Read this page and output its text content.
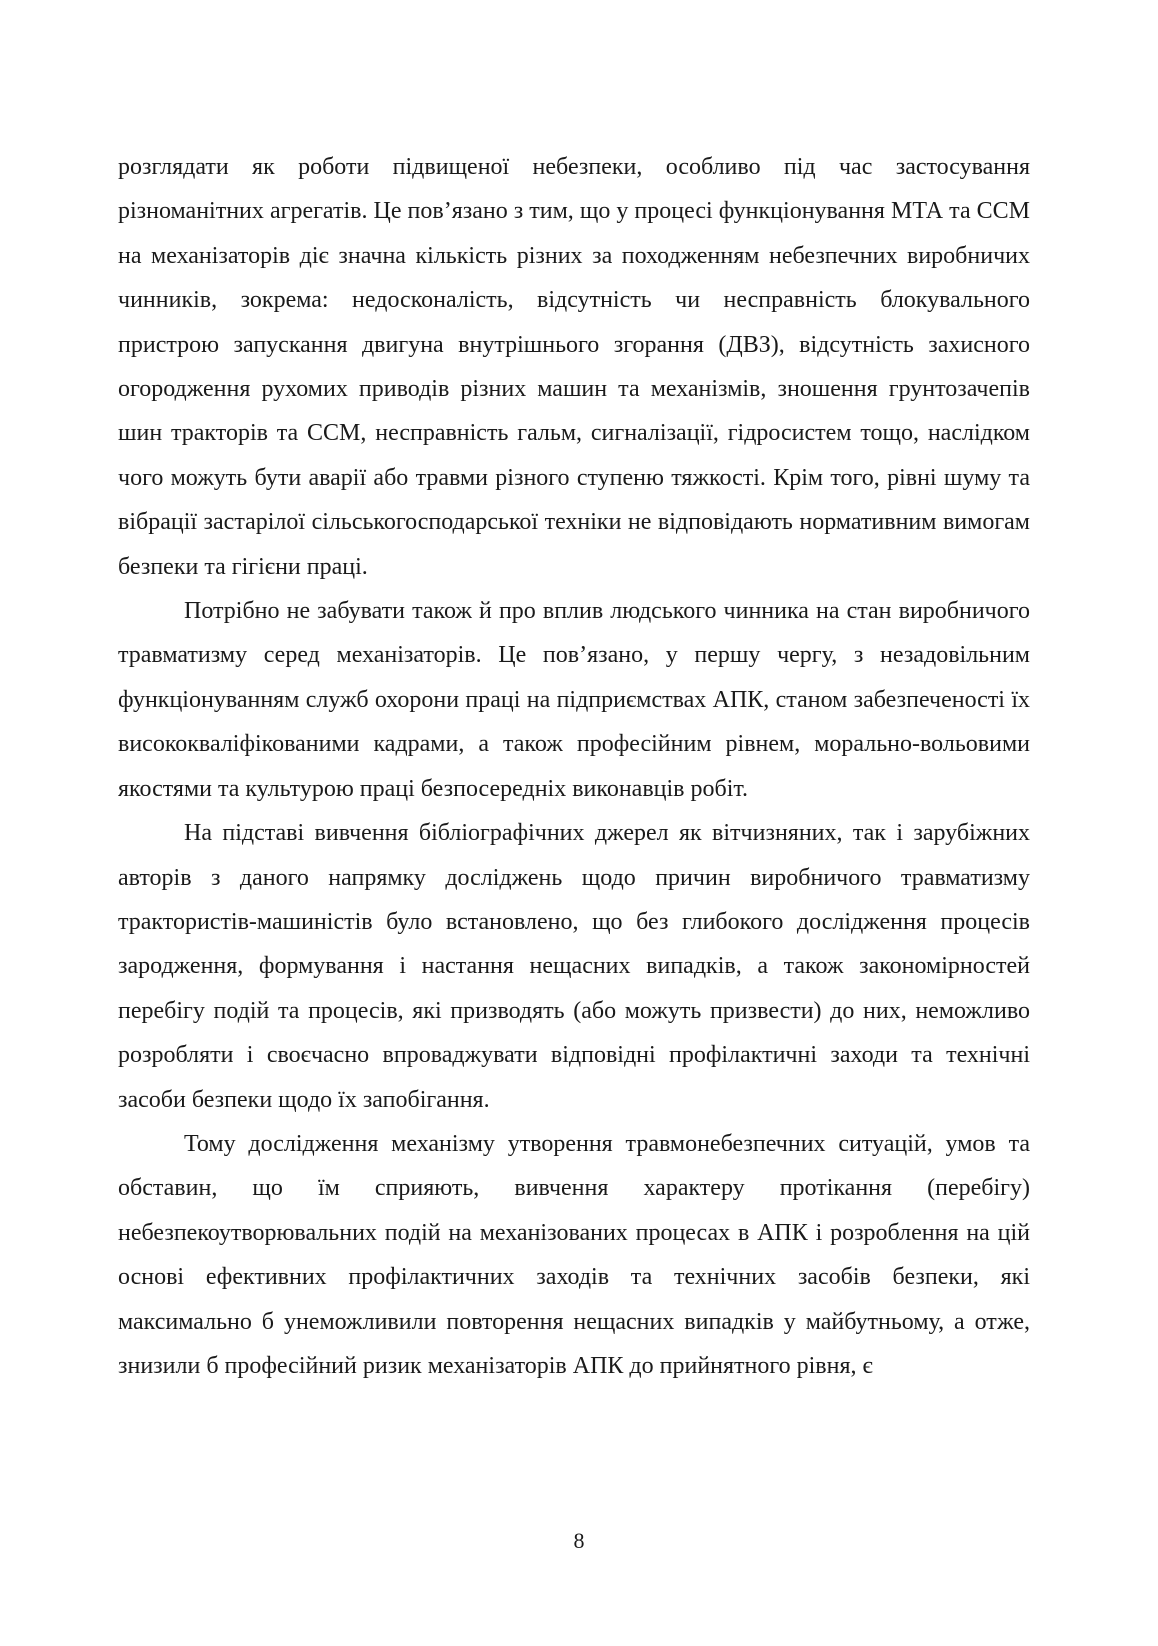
розглядати як роботи підвищеної небезпеки, особливо під час застосування різноманітних агрегатів. Це пов’язано з тим, що у процесі функціонування МТА та ССМ на механізаторів діє значна кількість різних за походженням небезпечних виробничих чинників, зокрема: недосконалість, відсутність чи несправність блокувального пристрою запускання двигуна внутрішнього згорання (ДВЗ), відсутність захисного огородження рухомих приводів різних машин та механізмів, зношення грунтозачепів шин тракторів та ССМ, несправність гальм, сигналізації, гідросистем тощо, наслідком чого можуть бути аварії або травми різного ступеню тяжкості. Крім того, рівні шуму та вібрації застарілої сільськогосподарської техніки не відповідають нормативним вимогам безпеки та гігієни праці.

Потрібно не забувати також й про вплив людського чинника на стан виробничого травматизму серед механізаторів. Це пов’язано, у першу чергу, з незадовільним функціонуванням служб охорони праці на підприємствах АПК, станом забезпеченості їх висококваліфікованими кадрами, а також професійним рівнем, морально-вольовими якостями та культурою праці безпосередніх виконавців робіт.

На підставі вивчення бібліографічних джерел як вітчизняних, так і зарубіжних авторів з даного напрямку досліджень щодо причин виробничого травматизму трактористів-машиністів було встановлено, що без глибокого дослідження процесів зародження, формування і настання нещасних випадків, а також закономірностей перебігу подій та процесів, які призводять (або можуть призвести) до них, неможливо розробляти і своєчасно впроваджувати відповідні профілактичні заходи та технічні засоби безпеки щодо їх запобігання.

Тому дослідження механізму утворення травмонебезпечних ситуацій, умов та обставин, що їм сприяють, вивчення характеру протікання (перебігу) небезпекоутворювальних подій на механізованих процесах в АПК і розроблення на цій основі ефективних профілактичних заходів та технічних засобів безпеки, які максимально б унеможливили повторення нещасних випадків у майбутньому, а отже, знизили б професійний ризик механізаторів АПК до прийнятного рівня, є

8
